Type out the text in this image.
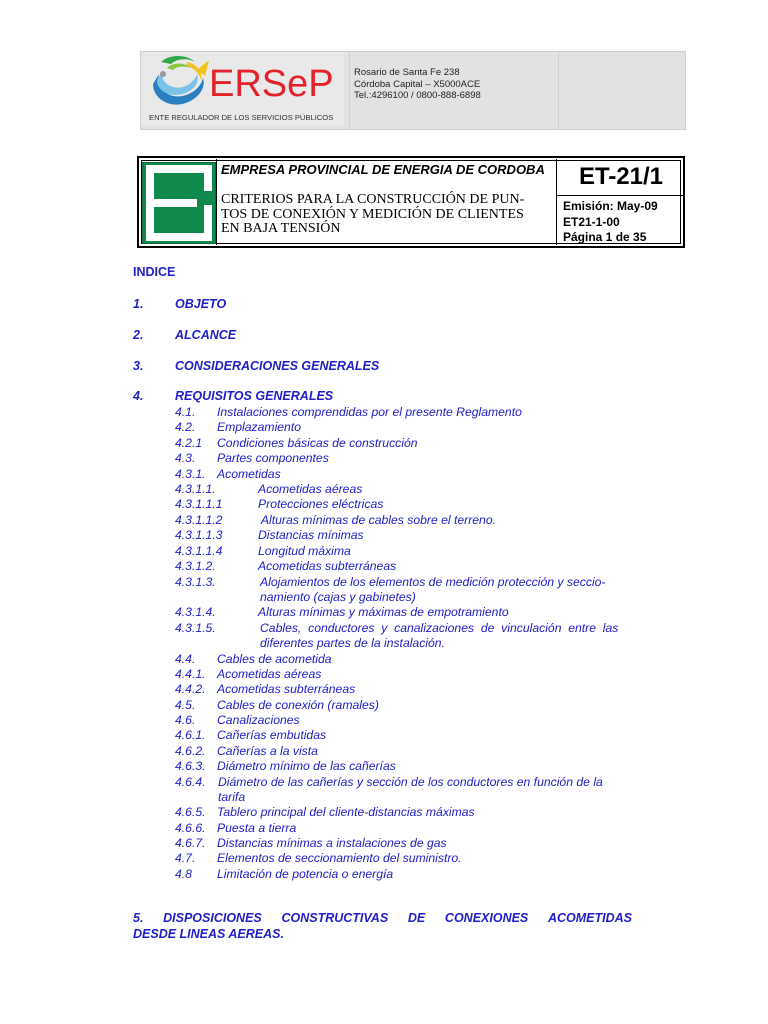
ERSeP
ENTE REGULADOR DE LOS SERVICIOS PÚBLICOS
Rosario de Santa Fe 238
Córdoba Capital – X5000ACE
Tel.:4296100 / 0800-888-6898
EMPRESA PROVINCIAL DE ENERGIA DE CORDOBA
CRITERIOS PARA LA CONSTRUCCIÓN DE PUN-
TOS DE CONEXIÓN Y MEDICIÓN DE CLIENTES
EN BAJA TENSIÓN
ET-21/1
Emisión: May-09
ET21-1-00
Página 1 de 35
INDICE
1.	OBJETO
2.	ALCANCE
3.	CONSIDERACIONES GENERALES
4.	REQUISITOS GENERALES
4.1. Instalaciones comprendidas por el presente Reglamento
4.2. Emplazamiento
4.2.1 Condiciones básicas de construcción
4.3. Partes componentes
4.3.1. Acometidas
4.3.1.1.	Acometidas aéreas
4.3.1.1.1	Protecciones eléctricas
4.3.1.1.2	Alturas mínimas de cables sobre el terreno.
4.3.1.1.3	Distancias mínimas
4.3.1.1.4	Longitud máxima
4.3.1.2.	Acometidas subterráneas
4.3.1.3.	Alojamientos de los elementos de medición protección y seccio-
namiento (cajas y gabinetes)
4.3.1.4.	Alturas mínimas y máximas de empotramiento
4.3.1.5.	Cables,  conductores  y  canalizaciones  de  vinculación  entre  las
diferentes partes de la instalación.
4.4. Cables de acometida
4.4.1. Acometidas aéreas
4.4.2. Acometidas subterráneas
4.5. Cables de conexión (ramales)
4.6. Canalizaciones
4.6.1. Cañerías embutidas
4.6.2. Cañerías a la vista
4.6.3. Diámetro mínimo de las cañerías
4.6.4. Diámetro de las cañerías y sección de los conductores en función de la
tarifa
4.6.5. Tablero principal del cliente-distancias máximas
4.6.6. Puesta a tierra
4.6.7. Distancias mínimas a instalaciones de gas
4.7. Elementos de seccionamiento del suministro.
4.8 Limitación de potencia o energía
5. DISPOSICIONES CONSTRUCTIVAS DE CONEXIONES ACOMETIDAS
DESDE LINEAS AEREAS.
